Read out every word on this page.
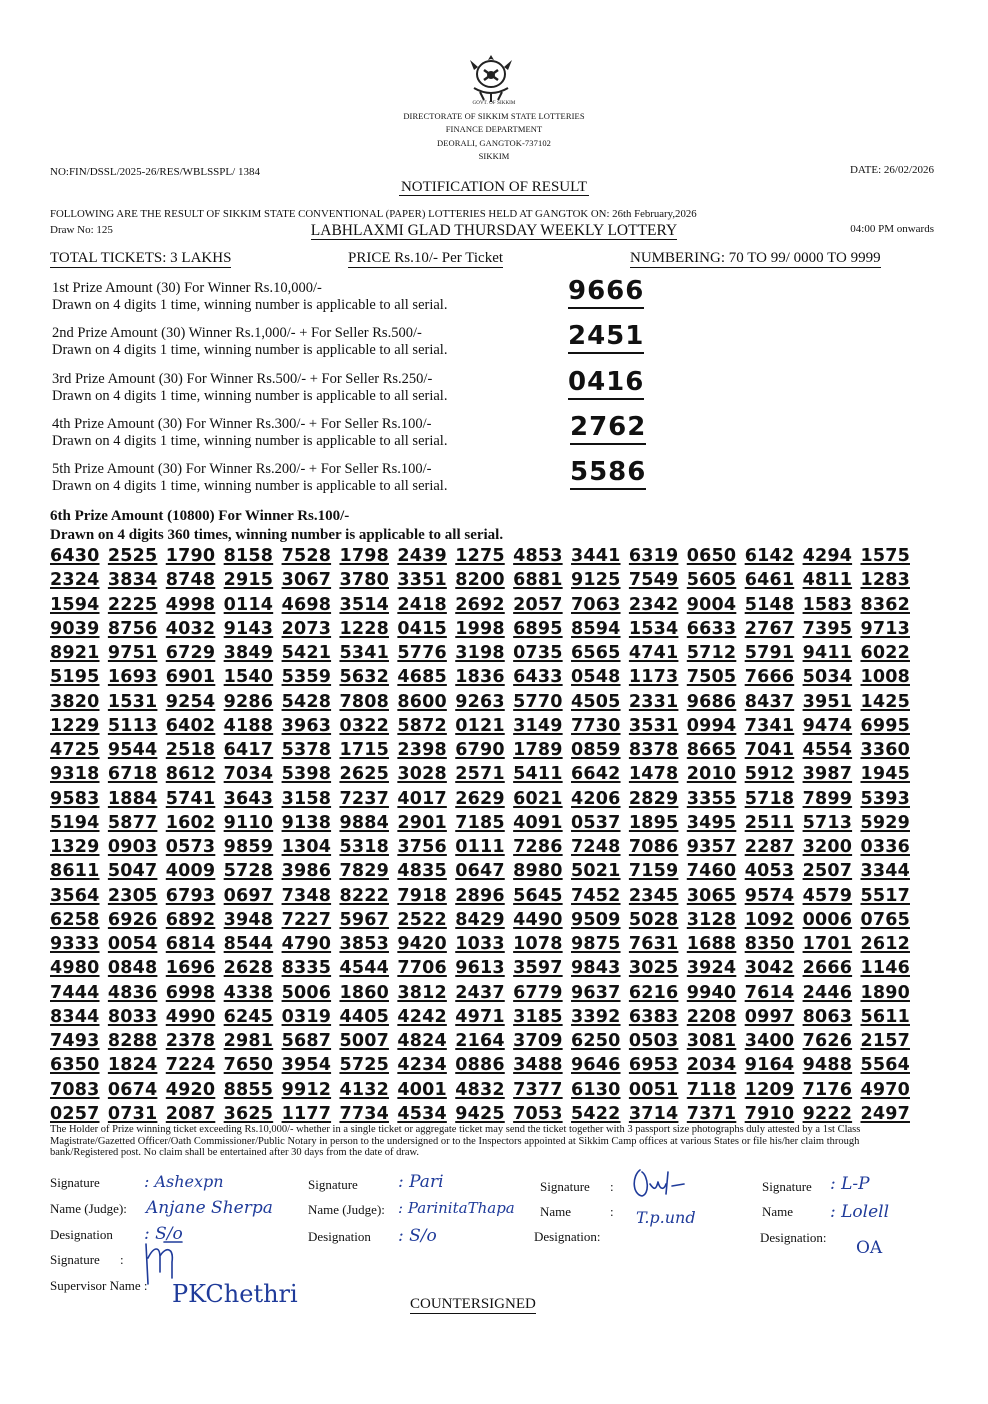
GOVT. OF SIKKIM
DIRECTORATE OF SIKKIM STATE LOTTERIES
FINANCE DEPARTMENT
DEORALI, GANGTOK-737102
SIKKIM
NO:FIN/DSSL/2025-26/RES/WBLSSPL/ 1384	DATE: 26/02/2026
NOTIFICATION OF RESULT
FOLLOWING ARE THE RESULT OF SIKKIM STATE CONVENTIONAL (PAPER) LOTTERIES HELD AT GANGTOK ON: 26th February,2026
Draw No: 125	LABHLAXMI GLAD THURSDAY WEEKLY LOTTERY	04:00 PM onwards
TOTAL TICKETS: 3 LAKHS	PRICE Rs.10/- Per Ticket	NUMBERING: 70 TO 99/ 0000 TO 9999
1st Prize Amount (30) For Winner Rs.10,000/-
Drawn on 4 digits 1 time, winning number is applicable to all serial.	9666
2nd Prize Amount (30) Winner Rs.1,000/- + For Seller Rs.500/-
Drawn on 4 digits 1 time, winning number is applicable to all serial.	2451
3rd Prize Amount (30) For Winner Rs.500/- + For Seller Rs.250/-
Drawn on 4 digits 1 time, winning number is applicable to all serial.	0416
4th Prize Amount (30) For Winner Rs.300/- + For Seller Rs.100/-
Drawn on 4 digits 1 time, winning number is applicable to all serial.	2762
5th Prize Amount (30) For Winner Rs.200/- + For Seller Rs.100/-
Drawn on 4 digits 1 time, winning number is applicable to all serial.	5586
6th Prize Amount (10800) For Winner Rs.100/-
Drawn on 4 digits 360 times, winning number is applicable to all serial.
6430 2525 1790 8158 7528 1798 2439 1275 4853 3441 6319 0650 6142 4294 1575
2324 3834 8748 2915 3067 3780 3351 8200 6881 9125 7549 5605 6461 4811 1283
1594 2225 4998 0114 4698 3514 2418 2692 2057 7063 2342 9004 5148 1583 8362
9039 8756 4032 9143 2073 1228 0415 1998 6895 8594 1534 6633 2767 7395 9713
8921 9751 6729 3849 5421 5341 5776 3198 0735 6565 4741 5712 5791 9411 6022
5195 1693 6901 1540 5359 5632 4685 1836 6433 0548 1173 7505 7666 5034 1008
3820 1531 9254 9286 5428 7808 8600 9263 5770 4505 2331 9686 8437 3951 1425
1229 5113 6402 4188 3963 0322 5872 0121 3149 7730 3531 0994 7341 9474 6995
4725 9544 2518 6417 5378 1715 2398 6790 1789 0859 8378 8665 7041 4554 3360
9318 6718 8612 7034 5398 2625 3028 2571 5411 6642 1478 2010 5912 3987 1945
9583 1884 5741 3643 3158 7237 4017 2629 6021 4206 2829 3355 5718 7899 5393
5194 5877 1602 9110 9138 9884 2901 7185 4091 0537 1895 3495 2511 5713 5929
1329 0903 0573 9859 1304 5318 3756 0111 7286 7248 7086 9357 2287 3200 0336
8611 5047 4009 5728 3986 7829 4835 0647 8980 5021 7159 7460 4053 2507 3344
3564 2305 6793 0697 7348 8222 7918 2896 5645 7452 2345 3065 9574 4579 5517
6258 6926 6892 3948 7227 5967 2522 8429 4490 9509 5028 3128 1092 0006 0765
9333 0054 6814 8544 4790 3853 9420 1033 1078 9875 7631 1688 8350 1701 2612
4980 0848 1696 2628 8335 4544 7706 9613 3597 9843 3025 3924 3042 2666 1146
7444 4836 6998 4338 5006 1860 3812 2437 6779 9637 6216 9940 7614 2446 1890
8344 8033 4990 6245 0319 4405 4242 4971 3185 3392 6383 2208 0997 8063 5611
7493 8288 2378 2981 5687 5007 4824 2164 3709 6250 0503 3081 3400 7626 2157
6350 1824 7224 7650 3954 5725 4234 0886 3488 9646 6953 2034 9164 9488 5564
7083 0674 4920 8855 9912 4132 4001 4832 7377 6130 0051 7118 1209 7176 4970
0257 0731 2087 3625 1177 7734 4534 9425 7053 5422 3714 7371 7910 9222 2497
The Holder of Prize winning ticket exceeding Rs.10,000/- whether in a single ticket or aggregate ticket may send the ticket together with 3 passport size photographs duly attested by a 1st Class Magistrate/Gazetted Officer/Oath Commissioner/Public Notary in person to the undersigned or to the Inspectors appointed at Sikkim Camp offices at various States or file his/her claim through bank/Registered post. No claim shall be entertained after 30 days from the date of draw.
Signature	: Ashexpn
Name (Judge): Anjane Sherpa
Designation : S/o
Signature : Pari
Name (Judge): : ParinitaThapa
Designation : S/o
Signature :
Name	: T.p.und
Designation:
Signature : L-P
Name : Lolell
Designation:
OA
Signature :
Supervisor Name : PKChethri	COUNTERSIGNED
